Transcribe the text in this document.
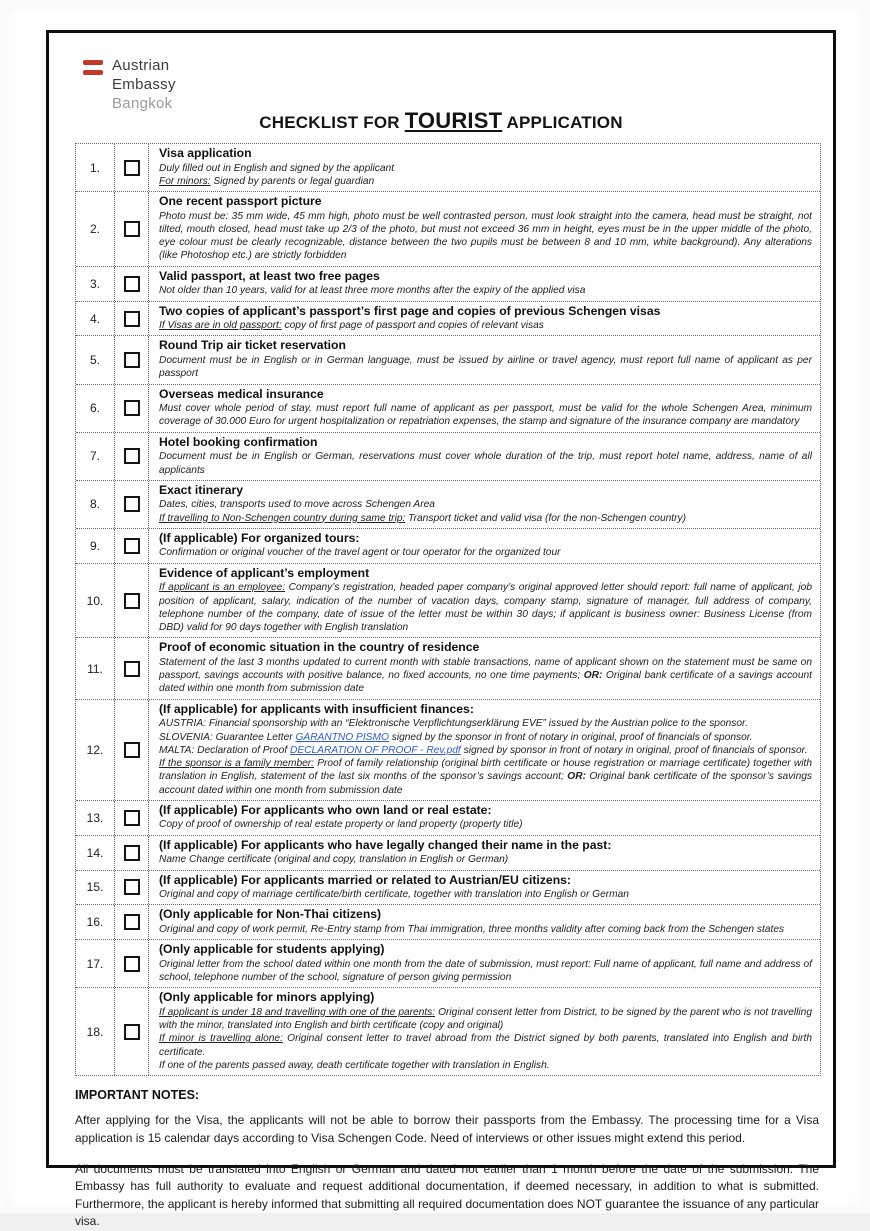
Austrian
Embassy
Bangkok
CHECKLIST FOR TOURIST APPLICATION
1.
Visa application
Duly filled out in English and signed by the applicant
For minors: Signed by parents or legal guardian
2.
One recent passport picture
Photo must be: 35 mm wide, 45 mm high, photo must be well contrasted person, must look straight into the camera, head must be straight, not tilted, mouth closed, head must take up 2/3 of the photo, but must not exceed 36 mm in height, eyes must be in the upper middle of the photo, eye colour must be clearly recognizable, distance between the two pupils must be between 8 and 10 mm, white background). Any alterations (like Photoshop etc.) are strictly forbidden
3.
Valid passport, at least two free pages
Not older than 10 years, valid for at least three more months after the expiry of the applied visa
4.
Two copies of applicant’s passport’s first page and copies of previous Schengen visas
If Visas are in old passport: copy of first page of passport and copies of relevant visas
5.
Round Trip air ticket reservation
Document must be in English or in German language, must be issued by airline or travel agency, must report full name of applicant as per passport
6.
Overseas medical insurance
Must cover whole period of stay, must report full name of applicant as per passport, must be valid for the whole Schengen Area, minimum coverage of 30.000 Euro for urgent hospitalization or repatriation expenses, the stamp and signature of the insurance company are mandatory
7.
Hotel booking confirmation
Document must be in English or German, reservations must cover whole duration of the trip, must report hotel name, address, name of all applicants
8.
Exact itinerary
Dates, cities, transports used to move across Schengen Area
If travelling to Non-Schengen country during same trip: Transport ticket and valid visa (for the non-Schengen country)
9.
(If applicable) For organized tours:
Confirmation or original voucher of the travel agent or tour operator for the organized tour
10.
Evidence of applicant’s employment
If applicant is an employee: Company’s registration, headed paper company’s original approved letter should report: full name of applicant, job position of applicant, salary, indication of the number of vacation days, company stamp, signature of manager, full address of company, telephone number of the company, date of issue of the letter must be within 30 days; if applicant is business owner: Business License (from DBD) valid for 90 days together with English translation
11.
Proof of economic situation in the country of residence
Statement of the last 3 months updated to current month with stable transactions, name of applicant shown on the statement must be same on passport, savings accounts with positive balance, no fixed accounts, no one time payments; OR: Original bank certificate of a savings account dated within one month from submission date
12.
(If applicable) for applicants with insufficient finances:
AUSTRIA: Financial sponsorship with an “Elektronische Verpflichtungserklärung EVE” issued by the Austrian police to the sponsor.
SLOVENIA: Guarantee Letter GARANTNO PISMO signed by the sponsor in front of notary in original, proof of financials of sponsor.
MALTA: Declaration of Proof DECLARATION OF PROOF - Rev.pdf signed by sponsor in front of notary in original, proof of financials of sponsor.
If the sponsor is a family member: Proof of family relationship (original birth certificate or house registration or marriage certificate) together with translation in English, statement of the last six months of the sponsor’s savings account; OR: Original bank certificate of the sponsor’s savings account dated within one month from submission date
13.
(If applicable) For applicants who own land or real estate:
Copy of proof of ownership of real estate property or land property (property title)
14.
(If applicable) For applicants who have legally changed their name in the past:
Name Change certificate (original and copy, translation in English or German)
15.
(If applicable) For applicants married or related to Austrian/EU citizens:
Original and copy of marriage certificate/birth certificate, together with translation into English or German
16.
(Only applicable for Non-Thai citizens)
Original and copy of work permit, Re-Entry stamp from Thai immigration, three months validity after coming back from the Schengen states
17.
(Only applicable for students applying)
Original letter from the school dated within one month from the date of submission, must report: Full name of applicant, full name and address of school, telephone number of the school, signature of person giving permission
18.
(Only applicable for minors applying)
If applicant is under 18 and travelling with one of the parents: Original consent letter from District, to be signed by the parent who is not travelling with the minor, translated into English and birth certificate (copy and original)
If minor is travelling alone: Original consent letter to travel abroad from the District signed by both parents, translated into English and birth certificate.
If one of the parents passed away, death certificate together with translation in English.
IMPORTANT NOTES:

After applying for the Visa, the applicants will not be able to borrow their passports from the Embassy. The processing time for a Visa application is 15 calendar days according to Visa Schengen Code. Need of interviews or other issues might extend this period.

All documents must be translated into English or German and dated not earlier than 1 month before the date of the submission. The Embassy has full authority to evaluate and request additional documentation, if deemed necessary, in addition to what is submitted. Furthermore, the applicant is hereby informed that submitting all required documentation does NOT guarantee the issuance of any particular visa.
